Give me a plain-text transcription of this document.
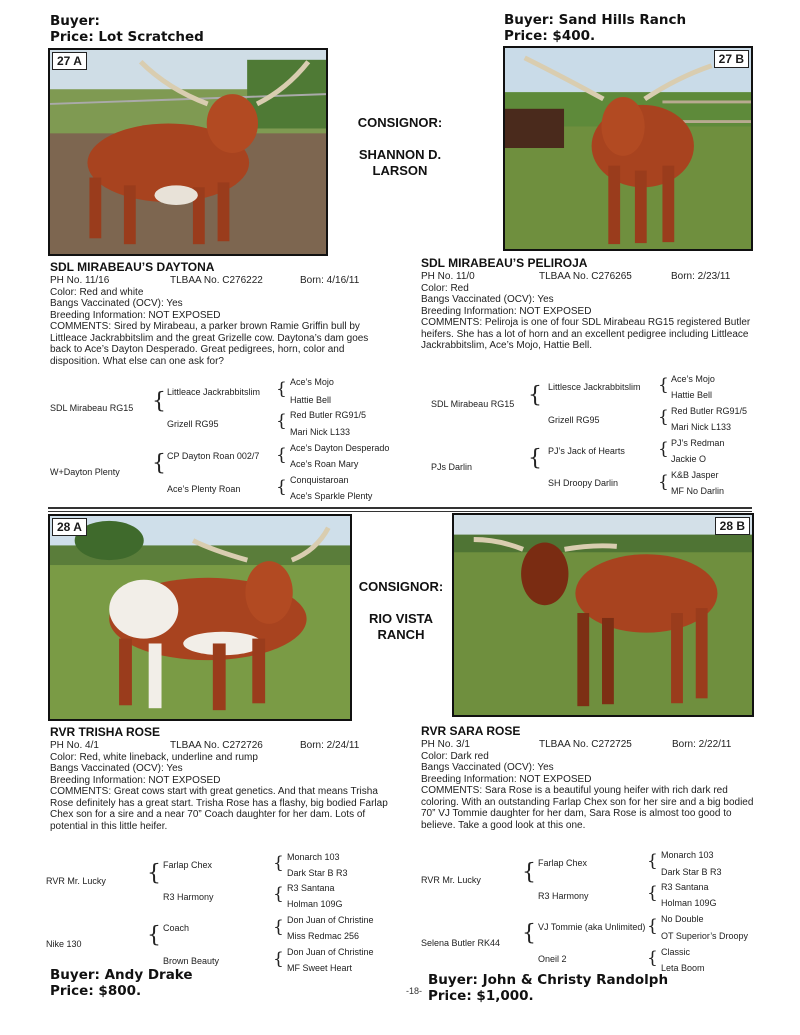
Buyer:
Price: Lot Scratched
Buyer: Sand Hills Ranch
Price: $400.
27 A	27 B
CONSIGNOR:
SHANNON D. LARSON
SDL MIRABEAU’S DAYTONA
PH No. 11/16	TLBAA No. C276222	Born: 4/16/11
Color: Red and white
Bangs Vaccinated (OCV): Yes
Breeding Information: NOT EXPOSED
COMMENTS: Sired by Mirabeau, a parker brown Ramie Griffin bull by Littleace Jackrabbitslim and the great Grizelle cow. Daytona’s dam goes back to Ace’s Dayton Desperado. Great pedigrees, horn, color and disposition. What else can one ask for?
SDL MIRABEAU’S PELIROJA
PH No. 11/0	TLBAA No. C276265	Born: 2/23/11
Color: Red
Bangs Vaccinated (OCV): Yes
Breeding Information: NOT EXPOSED
COMMENTS: Peliroja is one of four SDL Mirabeau RG15 registered Butler heifers. She has a lot of horn and an excellent pedigree including Littleace Jackrabbitslim, Ace’s Mojo, Hattie Bell.
SDL Mirabeau RG15 { Littleace Jackrabbitslim
Grizell RG95
{ Ace’s Mojo
Hattie Bell
{ Red Butler RG91/5
Mari Nick L133
W+Dayton Plenty { CP Dayton Roan 002/7
Ace’s Plenty Roan
{ Ace’s Dayton Desperado
Ace’s Roan Mary
{ Conquistaroan
Ace’s Sparkle Plenty
SDL Mirabeau RG15 { Littlesce Jackrabbitslim
Grizell RG95
{ Ace’s Mojo
Hattie Bell
{ Red Butler RG91/5
Mari Nick L133
PJs Darlin	{ PJ’s Jack of Hearts
SH Droopy Darlin
{ PJ’s Redman
Jackie O
{ K&B Jasper
MF No Darlin
28 A	28 B
CONSIGNOR:
RIO VISTA RANCH
RVR TRISHA ROSE
PH No. 4/1	TLBAA No. C272726	Born: 2/24/11
Color: Red, white lineback, underline and rump
Bangs Vaccinated (OCV): Yes
Breeding Information: NOT EXPOSED
COMMENTS: Great cows start with great genetics. And that means Trisha Rose definitely has a great start. Trisha Rose has a flashy, big bodied Farlap Chex son for a sire and a near 70” Coach daughter for her dam. Lots of potential in this little heifer.
RVR SARA ROSE
PH No. 3/1	TLBAA No. C272725	Born: 2/22/11
Color: Dark red
Bangs Vaccinated (OCV): Yes
Breeding Information: NOT EXPOSED
COMMENTS: Sara Rose is a beautiful young heifer with rich dark red coloring. With an outstanding Farlap Chex son for her sire and a big bodied 70” VJ Tommie daughter for her dam, Sara Rose is almost too good to believe. Take a good look at this one.
RVR Mr. Lucky { Farlap Chex
R3 Harmony
{ Monarch 103
Dark Star B R3
{ R3 Santana
Holman 109G
Nike 130	{ Coach
Brown Beauty
{ Don Juan of Christine
Miss Redmac 256
{ Don Juan of Christine
MF Sweet Heart
RVR Mr. Lucky { Farlap Chex
R3 Harmony
{ Monarch 103
Dark Star B R3
{ R3 Santana
Holman 109G
Selena Butler RK44 { VJ Tommie (aka Unlimited)
Oneil 2
{ No Double
OT Superior’s Droopy
{ Classic
Leta Boom
Buyer: Andy Drake
Price: $800.
Buyer: John & Christy Randolph
Price: $1,000.
-18-
